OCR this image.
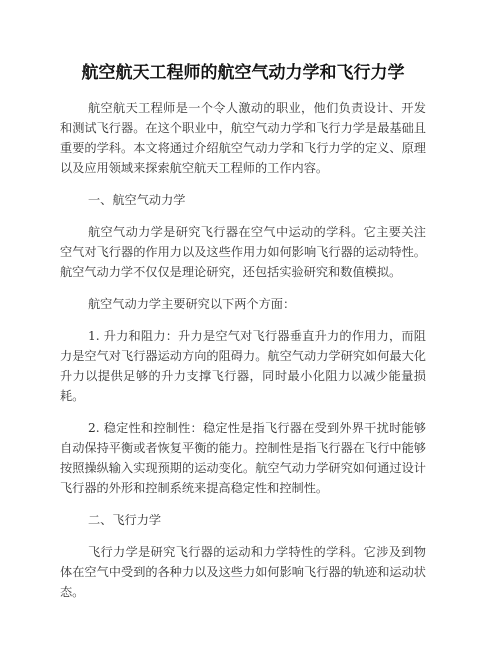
航空航天工程师的航空气动力学和飞行力学

航空航天工程师是一个令人激动的职业，他们负责设计、开发和测试飞行器。在这个职业中，航空气动力学和飞行力学是最基础且重要的学科。本文将通过介绍航空气动力学和飞行力学的定义、原理以及应用领域来探索航空航天工程师的工作内容。

一、航空气动力学

航空气动力学是研究飞行器在空气中运动的学科。它主要关注空气对飞行器的作用力以及这些作用力如何影响飞行器的运动特性。航空气动力学不仅仅是理论研究，还包括实验研究和数值模拟。

航空气动力学主要研究以下两个方面：

1. 升力和阻力：升力是空气对飞行器垂直升力的作用力，而阻力是空气对飞行器运动方向的阻碍力。航空气动力学研究如何最大化升力以提供足够的升力支撑飞行器，同时最小化阻力以减少能量损耗。

2. 稳定性和控制性：稳定性是指飞行器在受到外界干扰时能够自动保持平衡或者恢复平衡的能力。控制性是指飞行器在飞行中能够按照操纵输入实现预期的运动变化。航空气动力学研究如何通过设计飞行器的外形和控制系统来提高稳定性和控制性。

二、飞行力学

飞行力学是研究飞行器的运动和力学特性的学科。它涉及到物体在空气中受到的各种力以及这些力如何影响飞行器的轨迹和运动状态。
